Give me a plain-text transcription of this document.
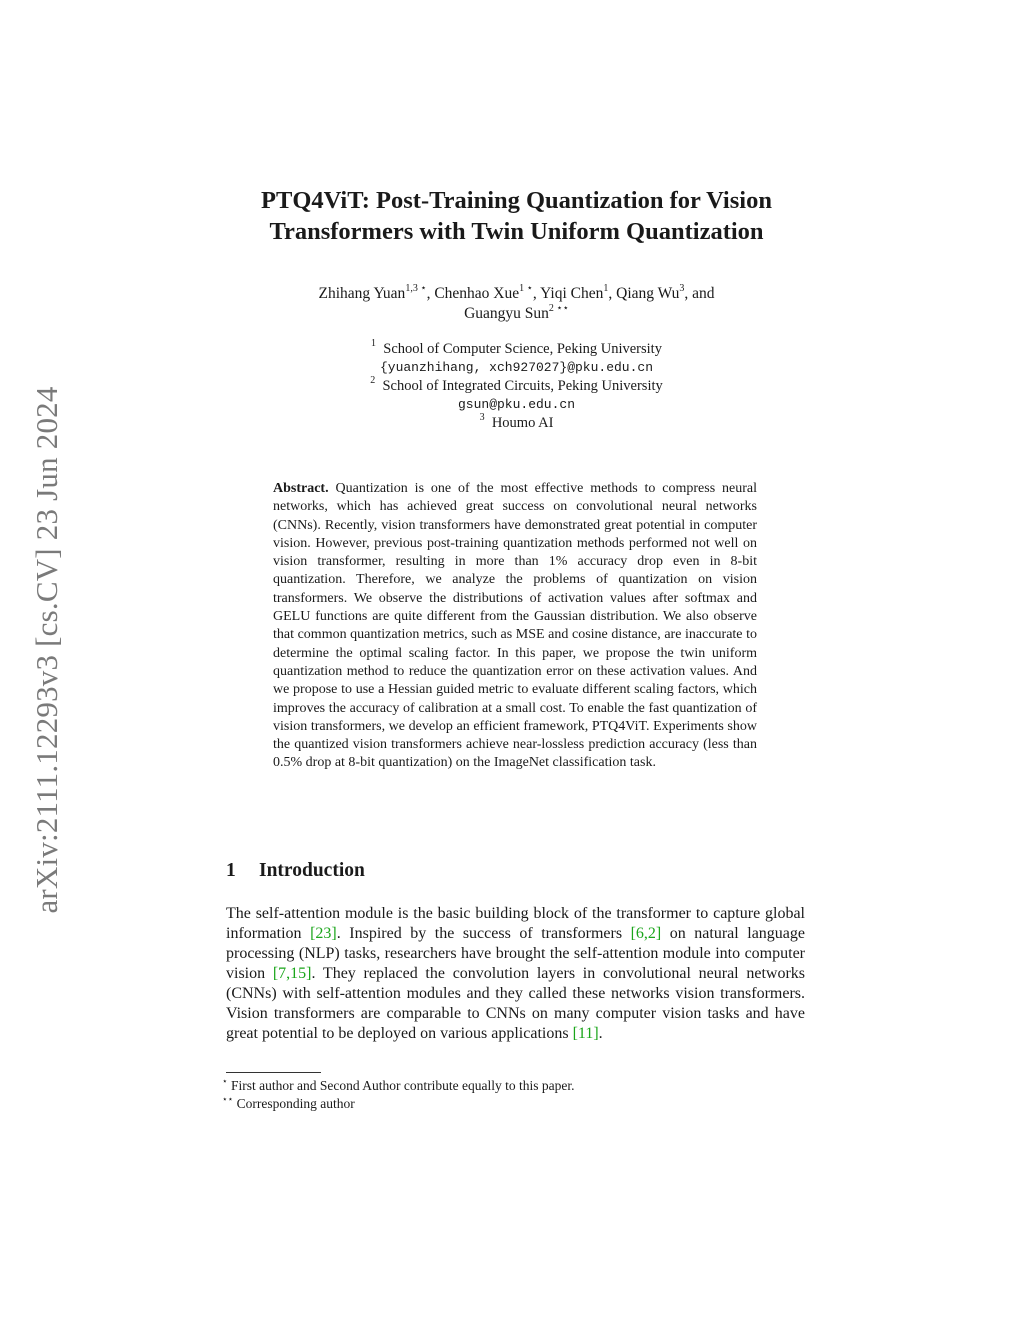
arXiv:2111.12293v3 [cs.CV] 23 Jun 2024
PTQ4ViT: Post-Training Quantization for Vision
Transformers with Twin Uniform Quantization
Zhihang Yuan$^{1,3 ⋆}$, Chenhao Xue$^{1 ⋆}$, Yiqi Chen$^1$, Qiang Wu$^3$, and
Guangyu Sun$^{2 ⋆⋆}$
$^1$ School of Computer Science, Peking University
{yuanzhihang, xch927027}@pku.edu.cn
$^2$ School of Integrated Circuits, Peking University
gsun@pku.edu.cn
$^3$ Houmo AI
Abstract. Quantization is one of the most effective methods to compress neural networks, which has achieved great success on convolutional neural networks (CNNs). Recently, vision transformers have demonstrated great potential in computer vision. However, previous post-training quantization methods performed not well on vision transformer, resulting in more than 1% accuracy drop even in 8-bit quantization. Therefore, we analyze the problems of quantization on vision transformers. We observe the distributions of activation values after softmax and GELU functions are quite different from the Gaussian distribution. We also observe that common quantization metrics, such as MSE and cosine distance, are inaccurate to determine the optimal scaling factor. In this paper, we propose the twin uniform quantization method to reduce the quantization error on these activation values. And we propose to use a Hessian guided metric to evaluate different scaling factors, which improves the accuracy of calibration at a small cost. To enable the fast quantization of vision transformers, we develop an efficient framework, PTQ4ViT. Experiments show the quantized vision transformers achieve near-lossless prediction accuracy (less than 0.5% drop at 8-bit quantization) on the ImageNet classification task.
1 Introduction
The self-attention module is the basic building block of the transformer to capture global information [23]. Inspired by the success of transformers [6,2] on natural language processing (NLP) tasks, researchers have brought the self-attention module into computer vision [7,15]. They replaced the convolution layers in convolutional neural networks (CNNs) with self-attention modules and they called these networks vision transformers. Vision transformers are comparable to CNNs on many computer vision tasks and have great potential to be deployed on various applications [11].
⋆ First author and Second Author contribute equally to this paper.
⋆⋆ Corresponding author
